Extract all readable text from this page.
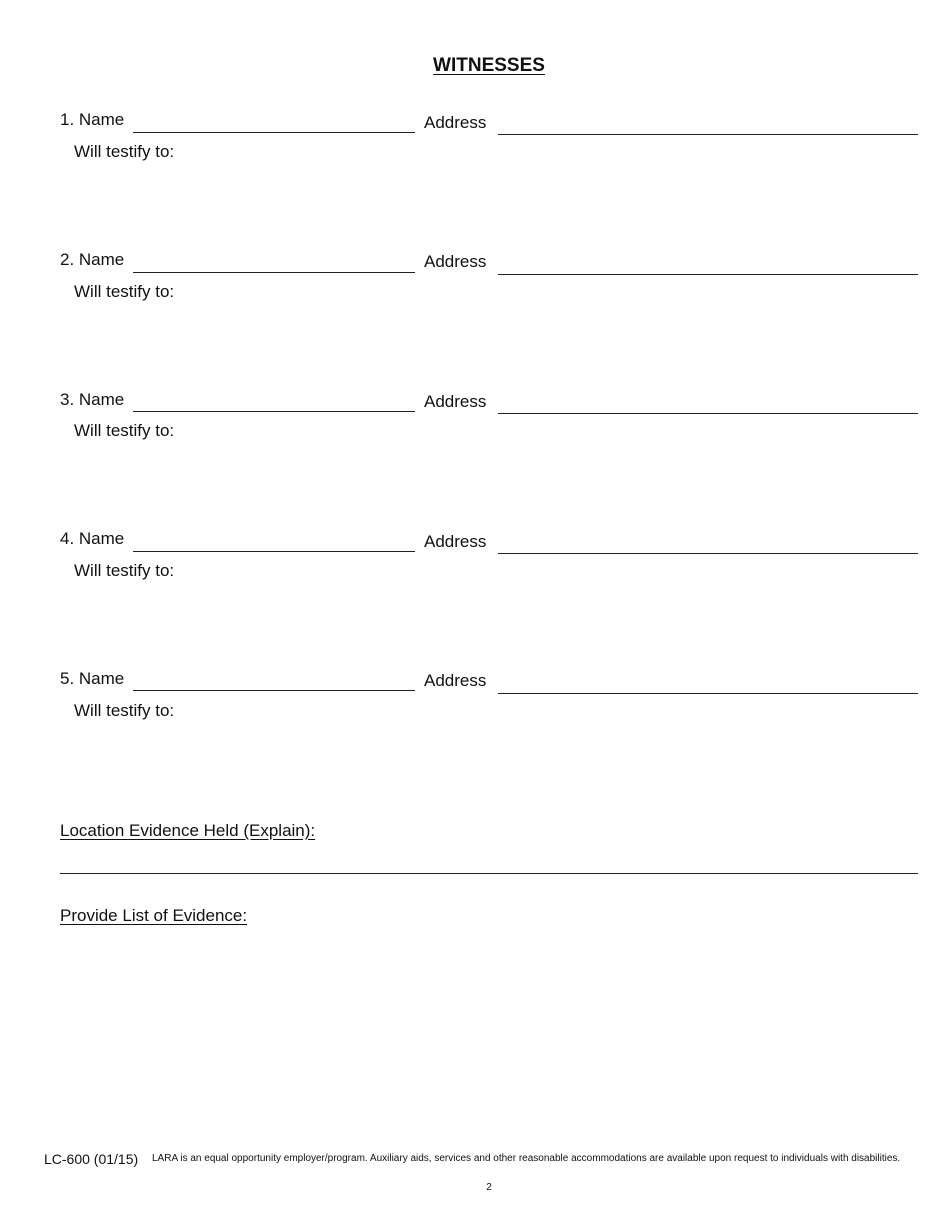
WITNESSES
1. Name	Address
Will testify to:
2. Name	Address
Will testify to:
3. Name	Address
Will testify to:
4. Name	Address
Will testify to:
5. Name	Address
Will testify to:
Location Evidence Held (Explain):
Provide List of Evidence:
LC-600 (01/15) LARA is an equal opportunity employer/program. Auxiliary aids, services and other reasonable accommodations are available upon request to individuals with disabilities.
2
